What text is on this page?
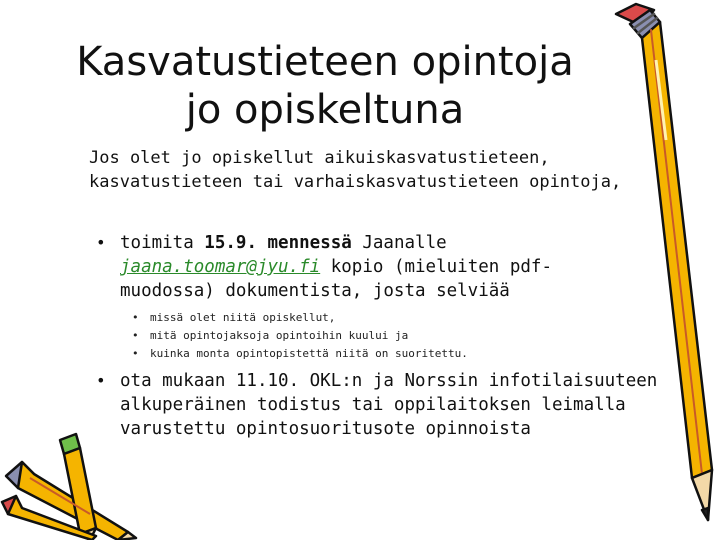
Kasvatustieteen opintoja
jo opiskeltuna
Jos olet jo opiskellut aikuiskasvatustieteen,
kasvatustieteen tai varhaiskasvatustieteen opintoja,
• toimita 15.9. mennessä Jaanalle
jaana.toomar@jyu.fi kopio (mieluiten pdf-
muodossa) dokumentista, josta selviää
• missä olet niitä opiskellut,
• mitä opintojaksoja opintoihin kuului ja
• kuinka monta opintopistettä niitä on suoritettu.
• ota mukaan 11.10. OKL:n ja Norssin infotilaisuuteen
alkuperäinen todistus tai oppilaitoksen leimalla
varustettu opintosuoritusote opinnoista
